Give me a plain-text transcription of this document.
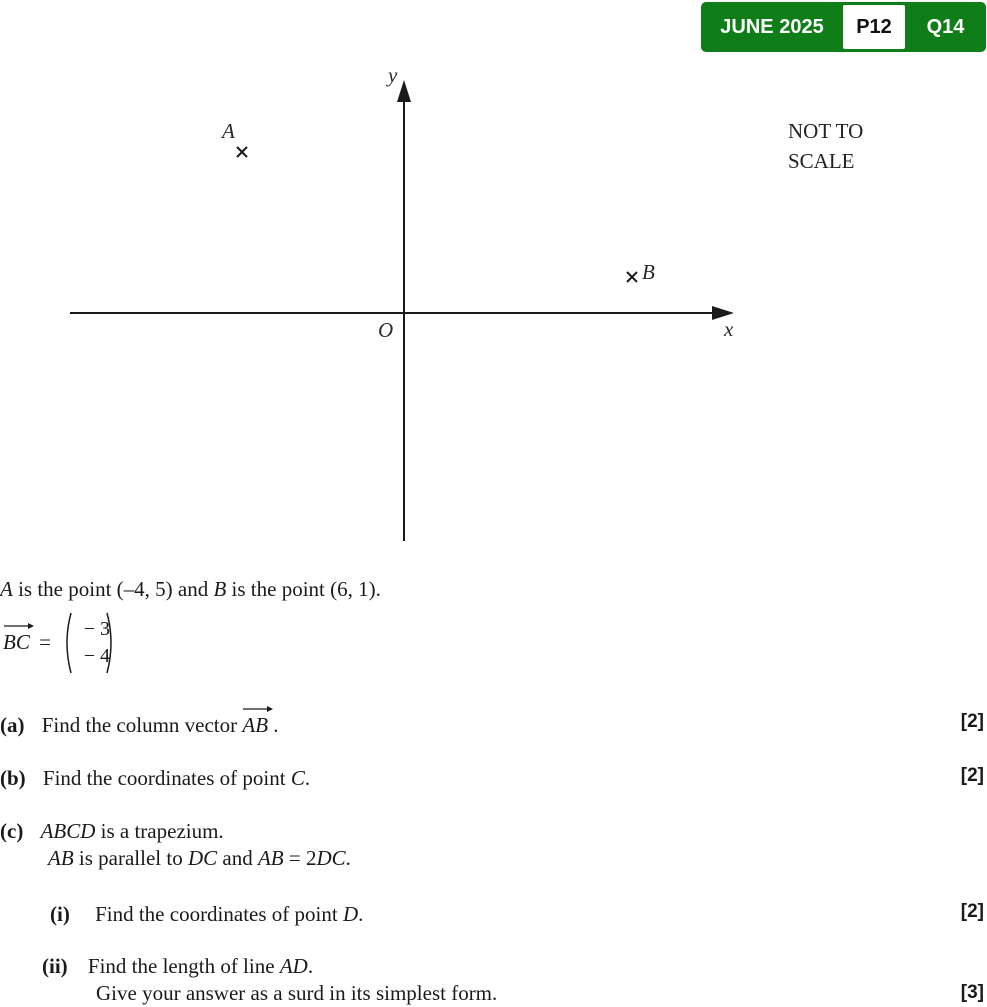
JUNE 2025	P12	Q14
y
x
O
A
B
NOT TO
SCALE
A is the point (–4, 5) and B is the point (6, 1).
BC =
− 3
− 4
(a) Find the column vector
AB .	[2]
(b) Find the coordinates of point C.	[2]
(c) ABCD is a trapezium.
AB is parallel to DC and AB = 2DC.
(i) Find the coordinates of point D.	[2]
(ii) Find the length of line AD.
Give your answer as a surd in its simplest form.	[3]
